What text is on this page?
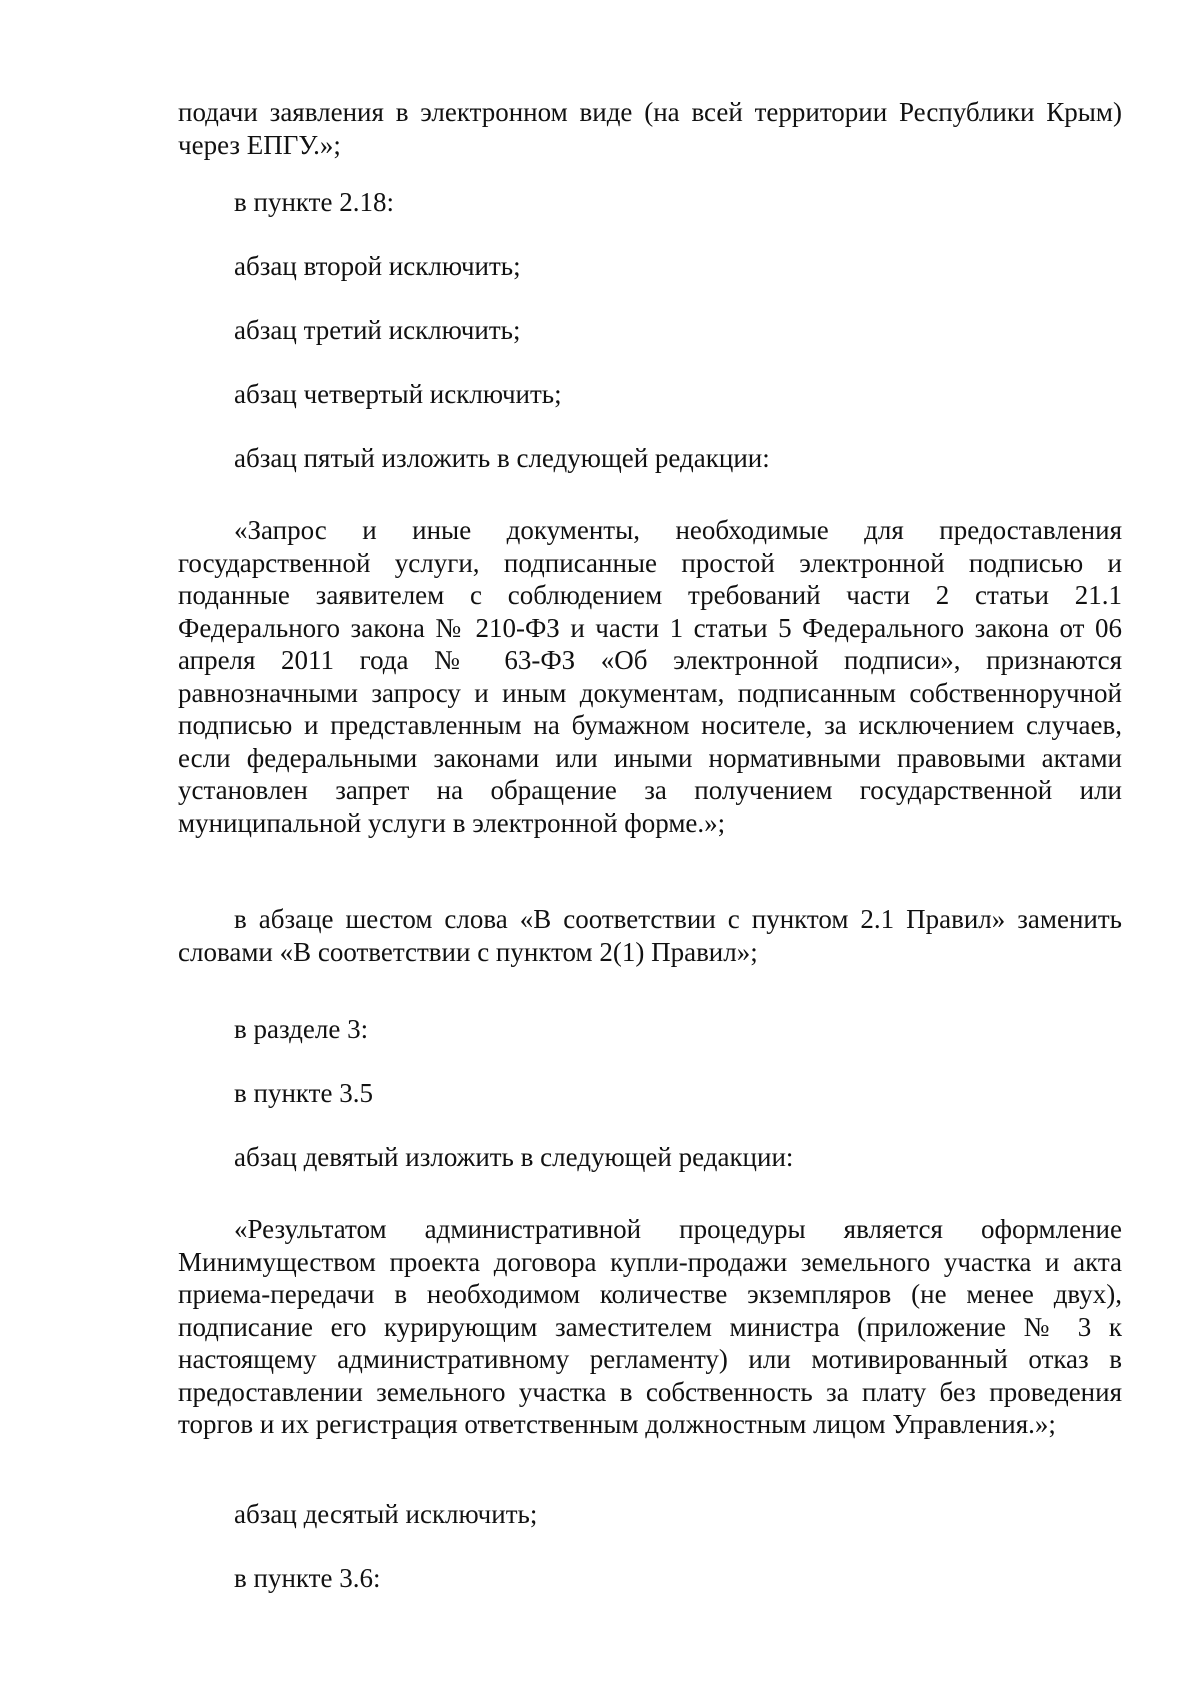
подачи заявления в электронном виде (на всей территории Республики Крым) через ЕПГУ.»;
в пункте 2.18:
абзац второй исключить;
абзац третий исключить;
абзац четвертый исключить;
абзац пятый изложить в следующей редакции:
«Запрос и иные документы, необходимые для предоставления государственной услуги, подписанные простой электронной подписью и поданные заявителем с соблюдением требований части 2 статьи 21.1 Федерального закона № 210-ФЗ и части 1 статьи 5 Федерального закона от 06 апреля 2011 года № 63-ФЗ «Об электронной подписи», признаются равнозначными запросу и иным документам, подписанным собственноручной подписью и представленным на бумажном носителе, за исключением случаев, если федеральными законами или иными нормативными правовыми актами установлен запрет на обращение за получением государственной или муниципальной услуги в электронной форме.»;
в абзаце шестом слова «В соответствии с пунктом 2.1 Правил» заменить словами «В соответствии с пунктом 2(1) Правил»;
в разделе 3:
в пункте 3.5
абзац девятый изложить в следующей редакции:
«Результатом административной процедуры является оформление Минимуществом проекта договора купли-продажи земельного участка и акта приема-передачи в необходимом количестве экземпляров (не менее двух), подписание его курирующим заместителем министра (приложение № 3 к настоящему административному регламенту) или мотивированный отказ в предоставлении земельного участка в собственность за плату без проведения торгов и их регистрация ответственным должностным лицом Управления.»;
абзац десятый исключить;
в пункте 3.6:
